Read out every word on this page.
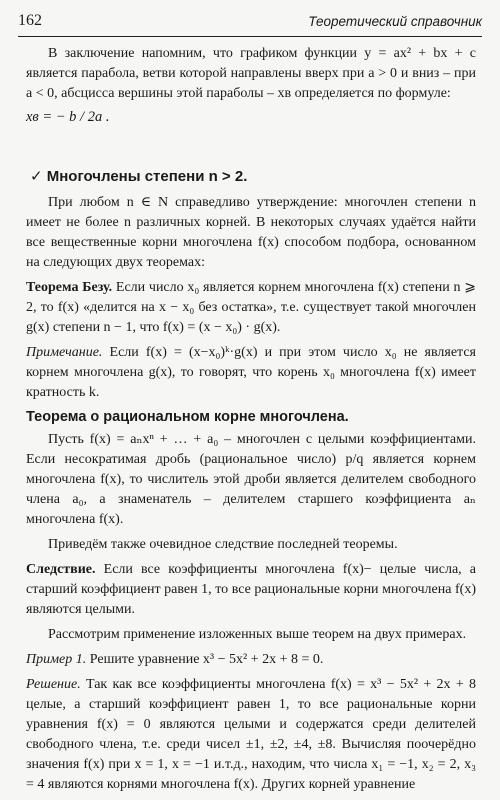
162	Теоретический справочник

В заключение напомним, что графиком функции y = ax² + bx + c является парабола, ветви которой направлены вверх при a > 0 и вниз – при a < 0, абсцисса вершины этой параболы – xв определяется по формуле:

xв = − b / 2a .
✓ Многочлены степени n > 2.

При любом n ∈ N справедливо утверждение: многочлен степени n имеет не более n различных корней. В некоторых случаях удаётся найти все вещественные корни многочлена f(x) способом подбора, основанном на следующих двух теоремах:

Теорема Безу. Если число x₀ является корнем многочлена f(x) степени n ⩾ 2, то f(x) «делится на x − x₀ без остатка», т.е. существует такой многочлен g(x) степени n − 1, что f(x) = (x − x₀) · g(x).

Примечание. Если f(x) = (x−x₀)ᵏ·g(x) и при этом число x₀ не является корнем многочлена g(x), то говорят, что корень x₀ многочлена f(x) имеет кратность k.

Теорема о рациональном корне многочлена.

Пусть f(x) = aₙxⁿ + … + a₀ – многочлен с целыми коэффициентами. Если несократимая дробь (рациональное число) p/q является корнем многочлена f(x), то числитель этой дроби является делителем свободного члена a₀, а знаменатель – делителем старшего коэффициента aₙ многочлена f(x).

Приведём также очевидное следствие последней теоремы.

Следствие. Если все коэффициенты многочлена f(x)− целые числа, а старший коэффициент равен 1, то все рациональные корни многочлена f(x) являются целыми.

Рассмотрим применение изложенных выше теорем на двух примерах.

Пример 1. Решите уравнение x³ − 5x² + 2x + 8 = 0.

Решение. Так как все коэффициенты многочлена f(x) = x³ − 5x² + 2x + 8 целые, а старший коэффициент равен 1, то все рациональные корни уравнения f(x) = 0 являются целыми и содержатся среди делителей свободного члена, т.е. среди чисел ±1, ±2, ±4, ±8. Вычисляя поочерёдно значения f(x) при x = 1, x = −1 и.т.д., находим, что числа x₁ = −1, x₂ = 2, x₃ = 4 являются корнями многочлена f(x). Других корней уравнение
